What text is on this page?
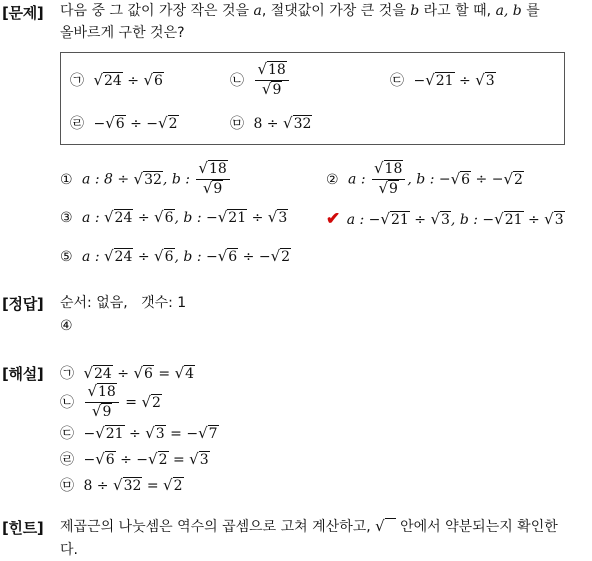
[문제]
[정답]
[해설]
[힌트]
다음 중 그 값이 가장 작은 것을 a, 절댓값이 가장 큰 것을 b 라고 할 때, a, b 를
올바르게 구한 것은?
㉠ √ 24 ÷ √ 6	㉡ $\frac{√ 18}{√ 9}$	㉢ − √ 21 ÷ √ 3
㉣ − √ 6 ÷ − √ 2	㉤ 8 ÷ √ 32
① a : 8 ÷ √ 32 , b : $\frac{√ 18}{√ 9}$	② a : $\frac{√ 18}{√ 9}$ , b : − √ 6 ÷ − √ 2
③ a : √ 24 ÷ √ 6 , b : − √ 21 ÷ √ 3 ✔ a : − √ 21 ÷ √ 3 , b : − √ 21 ÷ √ 3
⑤ a : √ 24 ÷ √ 6 , b : − √ 6 ÷ − √ 2
순서: 없음,   갯수: 1
④
㉠ √ 24 ÷ √ 6 = √ 4
㉡ $\frac{√ 18}{√ 9}$ = √ 2
㉢ − √ 21 ÷ √ 3 = − √ 7
㉣ − √ 6 ÷ − √ 2 = √ 3
㉤ 8 ÷ √ 32 = √ 2
제곱근의 나눗셈은 역수의 곱셈으로 고쳐 계산하고, √
안에서 약분되는지 확인한
다.
